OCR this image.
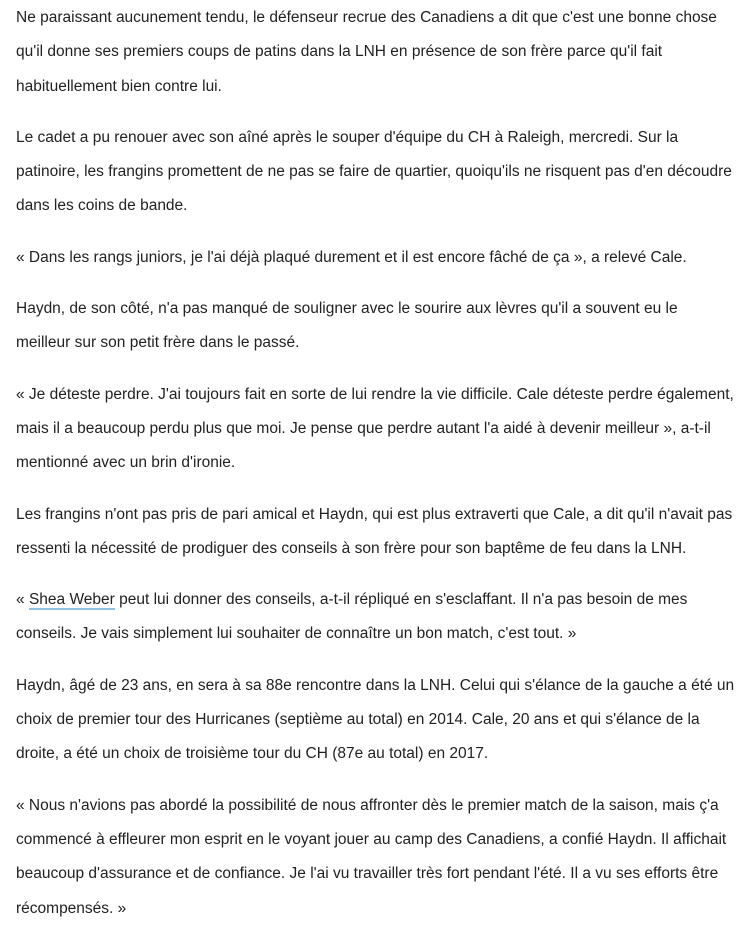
Ne paraissant aucunement tendu, le défenseur recrue des Canadiens a dit que c'est une bonne chose qu'il donne ses premiers coups de patins dans la LNH en présence de son frère parce qu'il fait habituellement bien contre lui.

Le cadet a pu renouer avec son aîné après le souper d'équipe du CH à Raleigh, mercredi. Sur la patinoire, les frangins promettent de ne pas se faire de quartier, quoiqu'ils ne risquent pas d'en découdre dans les coins de bande.

« Dans les rangs juniors, je l'ai déjà plaqué durement et il est encore fâché de ça », a relevé Cale.

Haydn, de son côté, n'a pas manqué de souligner avec le sourire aux lèvres qu'il a souvent eu le meilleur sur son petit frère dans le passé.

« Je déteste perdre. J'ai toujours fait en sorte de lui rendre la vie difficile. Cale déteste perdre également, mais il a beaucoup perdu plus que moi. Je pense que perdre autant l'a aidé à devenir meilleur », a-t-il mentionné avec un brin d'ironie.

Les frangins n'ont pas pris de pari amical et Haydn, qui est plus extraverti que Cale, a dit qu'il n'avait pas ressenti la nécessité de prodiguer des conseils à son frère pour son baptême de feu dans la LNH.

« Shea Weber peut lui donner des conseils, a-t-il répliqué en s'esclaffant. Il n'a pas besoin de mes conseils. Je vais simplement lui souhaiter de connaître un bon match, c'est tout. »

Haydn, âgé de 23 ans, en sera à sa 88e rencontre dans la LNH. Celui qui s'élance de la gauche a été un choix de premier tour des Hurricanes (septième au total) en 2014. Cale, 20 ans et qui s'élance de la droite, a été un choix de troisième tour du CH (87e au total) en 2017.

« Nous n'avions pas abordé la possibilité de nous affronter dès le premier match de la saison, mais ç'a commencé à effleurer mon esprit en le voyant jouer au camp des Canadiens, a confié Haydn. Il affichait beaucoup d'assurance et de confiance. Je l'ai vu travailler très fort pendant l'été. Il a vu ses efforts être récompensés. »
